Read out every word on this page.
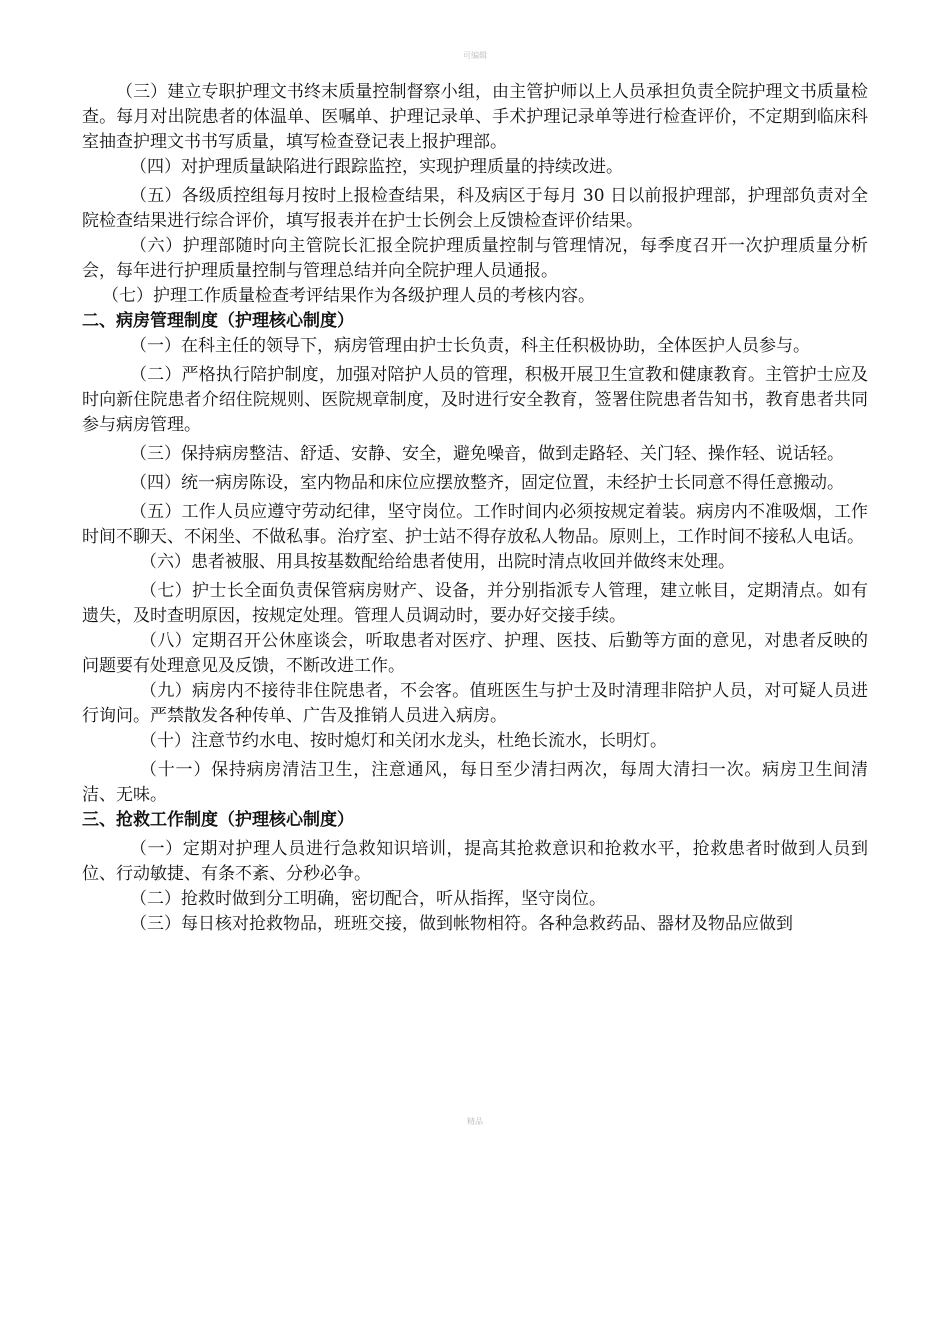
可编辑

（三）建立专职护理文书终末质量控制督察小组，由主管护师以上人员承担负责全院护理文书质量检查。每月对出院患者的体温单、医嘱单、护理记录单、手术护理记录单等进行检查评价，不定期到临床科室抽查护理文书书写质量，填写检查登记表上报护理部。

（四）对护理质量缺陷进行跟踪监控，实现护理质量的持续改进。

（五）各级质控组每月按时上报检查结果，科及病区于每月 30 日以前报护理部，护理部负责对全院检查结果进行综合评价，填写报表并在护士长例会上反馈检查评价结果。

（六）护理部随时向主管院长汇报全院护理质量控制与管理情况，每季度召开一次护理质量分析会，每年进行护理质量控制与管理总结并向全院护理人员通报。

（七）护理工作质量检查考评结果作为各级护理人员的考核内容。

二、病房管理制度（护理核心制度）

（一）在科主任的领导下，病房管理由护士长负责，科主任积极协助，全体医护人员参与。

（二）严格执行陪护制度，加强对陪护人员的管理，积极开展卫生宣教和健康教育。主管护士应及时向新住院患者介绍住院规则、医院规章制度，及时进行安全教育，签署住院患者告知书，教育患者共同参与病房管理。

（三）保持病房整洁、舒适、安静、安全，避免噪音，做到走路轻、关门轻、操作轻、说话轻。

（四）统一病房陈设，室内物品和床位应摆放整齐，固定位置，未经护士长同意不得任意搬动。

（五）工作人员应遵守劳动纪律，坚守岗位。工作时间内必须按规定着装。病房内不准吸烟，工作时间不聊天、不闲坐、不做私事。治疗室、护士站不得存放私人物品。原则上，工作时间不接私人电话。

（六）患者被服、用具按基数配给给患者使用，出院时清点收回并做终末处理。

（七）护士长全面负责保管病房财产、设备，并分别指派专人管理，建立帐目，定期清点。如有遗失，及时查明原因，按规定处理。管理人员调动时，要办好交接手续。

（八）定期召开公休座谈会，听取患者对医疗、护理、医技、后勤等方面的意见，对患者反映的问题要有处理意见及反馈，不断改进工作。

（九）病房内不接待非住院患者，不会客。值班医生与护士及时清理非陪护人员，对可疑人员进行询问。严禁散发各种传单、广告及推销人员进入病房。

（十）注意节约水电、按时熄灯和关闭水龙头，杜绝长流水，长明灯。

（十一）保持病房清洁卫生，注意通风，每日至少清扫两次，每周大清扫一次。病房卫生间清洁、无味。

三、抢救工作制度（护理核心制度）

（一）定期对护理人员进行急救知识培训，提高其抢救意识和抢救水平，抢救患者时做到人员到位、行动敏捷、有条不紊、分秒必争。

（二）抢救时做到分工明确，密切配合，听从指挥，坚守岗位。

（三）每日核对抢救物品，班班交接，做到帐物相符。各种急救药品、器材及物品应做到

精品
